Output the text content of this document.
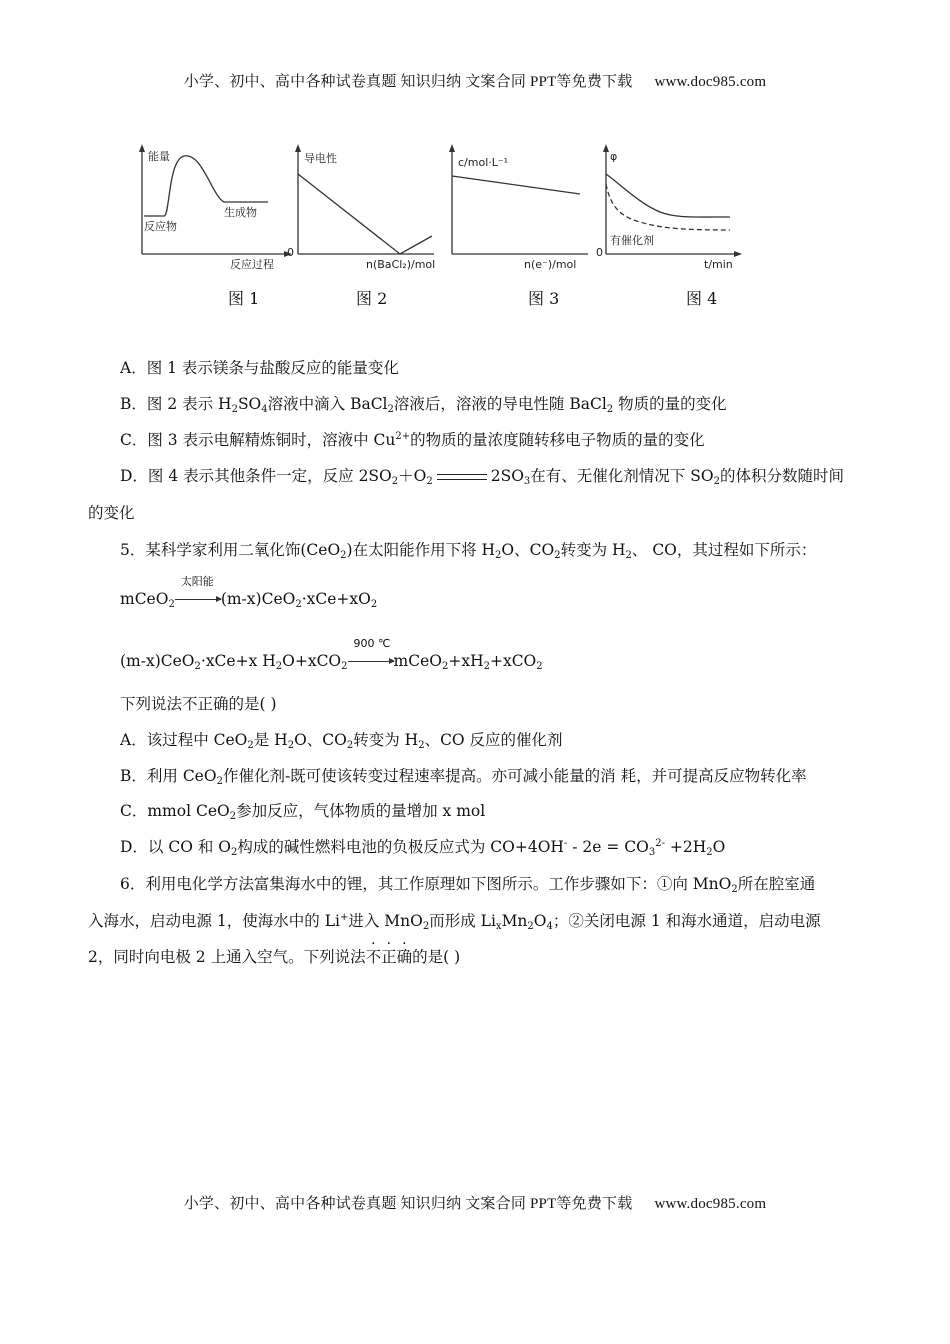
小学、初中、高中各种试卷真题 知识归纳 文案合同 PPT等免费下载 www.doc985.com
能量
反应物
生成物
反应过程
图 1
导电性
0
n(BaCl₂)/mol
图 2
c/mol·L⁻¹
n(e⁻)/mol
图 3
φ
0
有催化剂
t/min
图 4
A．图 1 表示镁条与盐酸反应的能量变化
B．图 2 表示 $H_2SO_4$溶液中滴入 BaCl$_2$溶液后，溶液的导电性随 BaCl$_2$ 物质的量的变化
C．图 3 表示电解精炼铜时，溶液中 $Cu^{2+}$的物质的量浓度随转移电子物质的量的变化
D．图 4 表示其他条件一定，反应 $2SO_2+O_2$	$2SO_3$在有、无催化剂情况下 $SO_2$的体积分数随时间
的变化
5．某科学家利用二氧化饰(CeO$_2$)在太阳能作用下将 $H_2O$、$CO_2$转变为 $H_2$、 CO，其过程如下所示：
mCeO$_2$
太阳能
$(m-x)CeO_2\cdot xCe+xO_2$
(m-x)CeO$_2$·xCe+x $H_2O+xCO_2$
900 ℃
$mCeO_2+xH_2+xCO_2$
下列说法不正确的是( )
A．该过程中 CeO$_2$是 $H_2O$、$CO_2$转变为 $H_2$、CO 反应的催化剂
B．利用 CeO$_2$作催化剂-既可使该转变过程速率提高。亦可减小能量的消 耗，并可提高反应物转化率
C．mmol CeO$_2$参加反应，气体物质的量增加 x mol
D．以 CO 和 $O_2$构成的碱性燃料电池的负极反应式为 $CO+4OH^- - 2e = CO_3^{2-} +2H_2O$
6．利用电化学方法富集海水中的锂，其工作原理如下图所示。工作步骤如下：①向 MnO$_2$所在腔室通
入海水，启动电源 1，使海水中的 Li+进入 MnO$_2$而形成 $Li_xMn_2O_4$；②关闭电源 1 和海水通道，启动电源
2，同时向电极 2 上通入空气。下列说法不正确的是( )
小学、初中、高中各种试卷真题 知识归纳 文案合同 PPT等免费下载 www.doc985.com
